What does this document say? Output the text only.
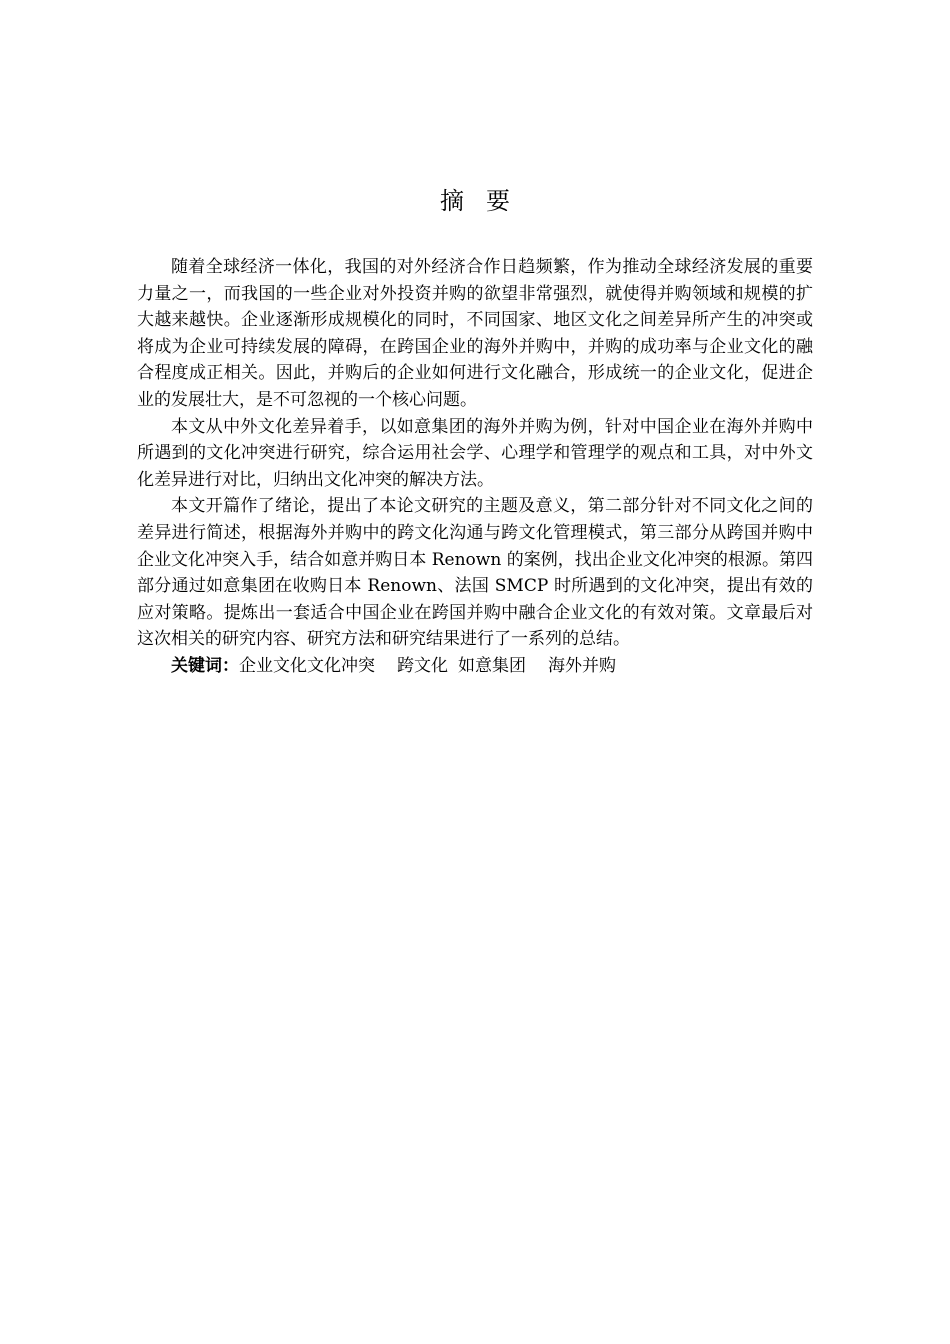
摘 要

随着全球经济一体化，我国的对外经济合作日趋频繁，作为推动全球经济发展的重要力量之一，而我国的一些企业对外投资并购的欲望非常强烈，就使得并购领域和规模的扩大越来越快。企业逐渐形成规模化的同时，不同国家、地区文化之间差异所产生的冲突或将成为企业可持续发展的障碍，在跨国企业的海外并购中，并购的成功率与企业文化的融合程度成正相关。因此，并购后的企业如何进行文化融合，形成统一的企业文化，促进企业的发展壮大，是不可忽视的一个核心问题。

本文从中外文化差异着手，以如意集团的海外并购为例，针对中国企业在海外并购中所遇到的文化冲突进行研究，综合运用社会学、心理学和管理学的观点和工具，对中外文化差异进行对比，归纳出文化冲突的解决方法。

本文开篇作了绪论，提出了本论文研究的主题及意义，第二部分针对不同文化之间的差异进行简述，根据海外并购中的跨文化沟通与跨文化管理模式，第三部分从跨国并购中企业文化冲突入手，结合如意并购日本 Renown 的案例，找出企业文化冲突的根源。第四部分通过如意集团在收购日本 Renown、法国 SMCP 时所遇到的文化冲突，提出有效的应对策略。提炼出一套适合中国企业在跨国并购中融合企业文化的有效对策。文章最后对这次相关的研究内容、研究方法和研究结果进行了一系列的总结。

关键词：企业文化文化冲突 跨文化 如意集团 海外并购
